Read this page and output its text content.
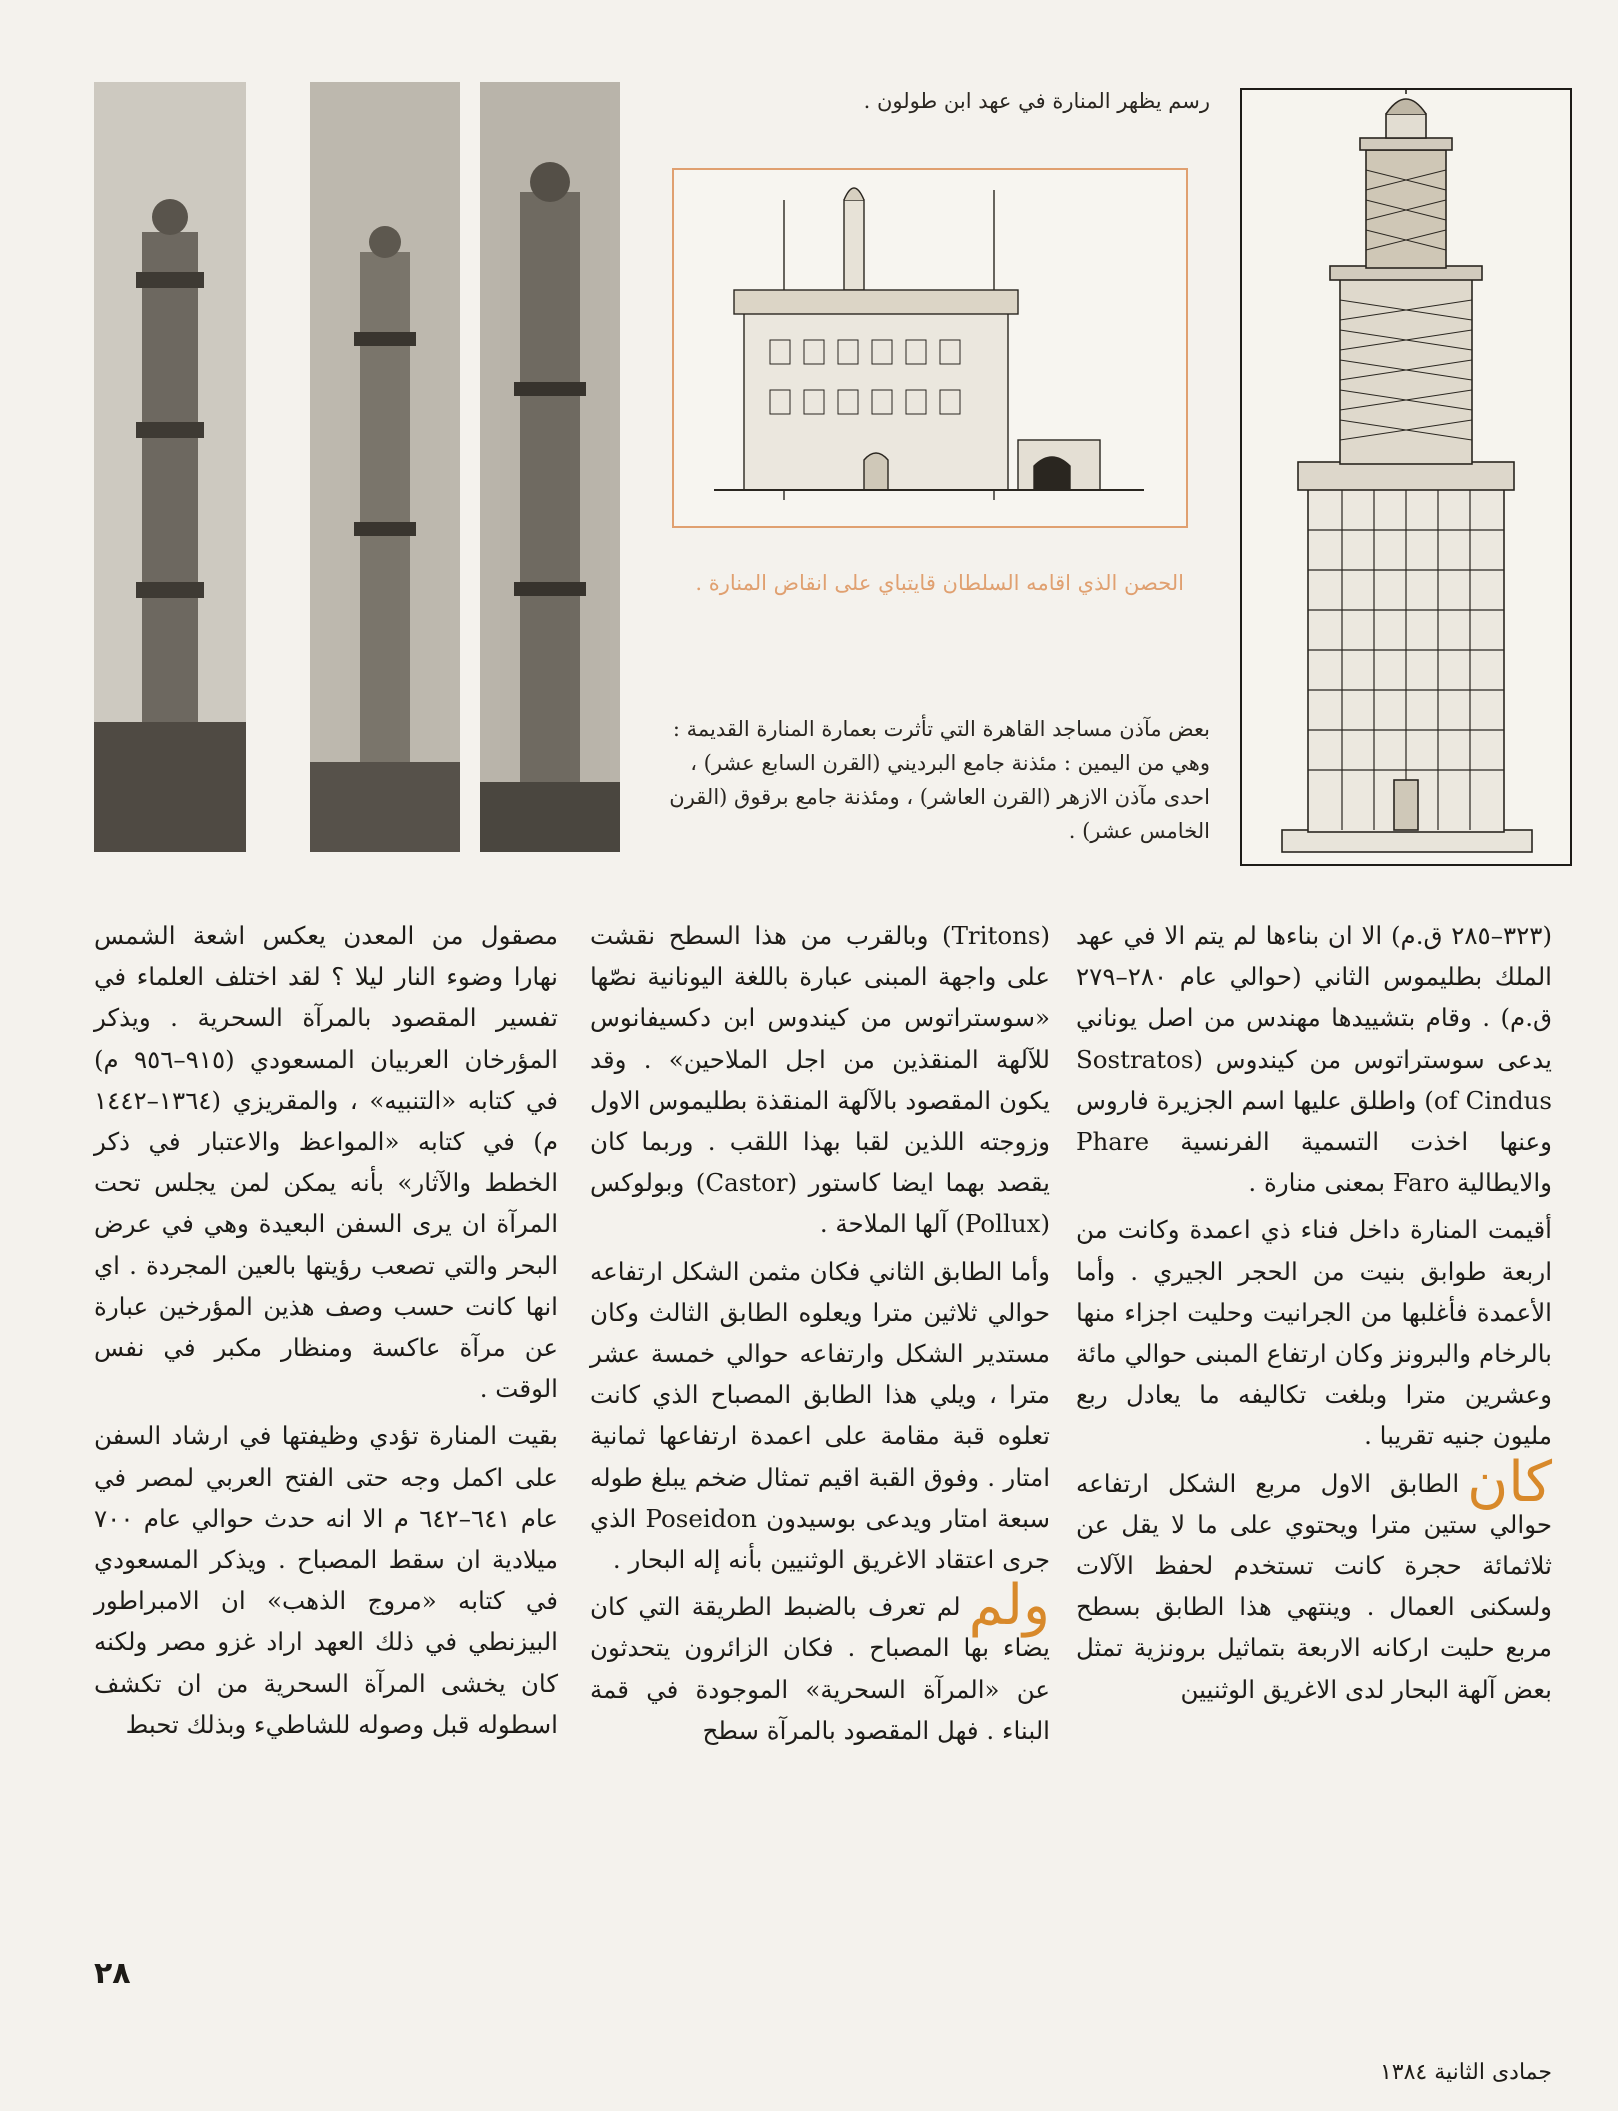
رسم يظهر المنارة في عهد ابن طولون .
الحصن الذي اقامه السلطان قايتباي على انقاض المنارة .
بعض مآذن مساجد القاهرة التي تأثرت بعمارة المنارة القديمة : وهي من اليمين : مئذنة جامع البرديني (القرن السابع عشر) ، احدى مآذن الازهر (القرن العاشر) ، ومئذنة جامع برقوق (القرن الخامس عشر) .

(٣٢٣–٢٨٥ ق.م) الا ان بناءها لم يتم الا في عهد الملك بطليموس الثاني (حوالي عام ٢٨٠–٢٧٩ ق.م) . وقام بتشييدها مهندس من اصل يوناني يدعى سوستراتوس من كيندوس (Sostratos of Cindus) واطلق عليها اسم الجزيرة فاروس وعنها اخذت التسمية الفرنسية Phare والايطالية Faro بمعنى منارة .

أقيمت المنارة داخل فناء ذي اعمدة وكانت من اربعة طوابق بنيت من الحجر الجيري . وأما الأعمدة فأغلبها من الجرانيت وحليت اجزاء منها بالرخام والبرونز وكان ارتفاع المبنى حوالي مائة وعشرين مترا وبلغت تكاليفه ما يعادل ربع مليون جنيه تقريبا .

كان
الطابق الاول مربع الشكل ارتفاعه حوالي ستين مترا ويحتوي على ما لا يقل عن ثلاثمائة حجرة كانت تستخدم لحفظ الآلات ولسكنى العمال . وينتهي هذا الطابق بسطح مربع حليت اركانه الاربعة بتماثيل برونزية تمثل بعض آلهة البحار لدى الاغريق الوثنيين

(Tritons) وبالقرب من هذا السطح نقشت على واجهة المبنى عبارة باللغة اليونانية نصّها «سوستراتوس من كيندوس ابن دكسيفانوس للآلهة المنقذين من اجل الملاحين» . وقد يكون المقصود بالآلهة المنقذة بطليموس الاول وزوجته اللذين لقبا بهذا اللقب . وربما كان يقصد بهما ايضا كاستور (Castor) وبولوكس (Pollux) آلها الملاحة .

وأما الطابق الثاني فكان مثمن الشكل ارتفاعه حوالي ثلاثين مترا ويعلوه الطابق الثالث وكان مستدير الشكل وارتفاعه حوالي خمسة عشر مترا ، ويلي هذا الطابق المصباح الذي كانت تعلوه قبة مقامة على اعمدة ارتفاعها ثمانية امتار . وفوق القبة اقيم تمثال ضخم يبلغ طوله سبعة امتار ويدعى بوسيدون Poseidon الذي جرى اعتقاد الاغريق الوثنيين بأنه إله البحار .

ولم
لم تعرف بالضبط الطريقة التي كان يضاء بها المصباح . فكان الزائرون يتحدثون عن «المرآة السحرية» الموجودة في قمة البناء . فهل المقصود بالمرآة سطح

مصقول من المعدن يعكس اشعة الشمس نهارا وضوء النار ليلا ؟ لقد اختلف العلماء في تفسير المقصود بالمرآة السحرية . ويذكر المؤرخان العربيان المسعودي (٩١٥–٩٥٦ م) في كتابه «التنبيه» ، والمقريزي (١٣٦٤–١٤٤٢ م) في كتابه «المواعظ والاعتبار في ذكر الخطط والآثار» بأنه يمكن لمن يجلس تحت المرآة ان يرى السفن البعيدة وهي في عرض البحر والتي تصعب رؤيتها بالعين المجردة . اي انها كانت حسب وصف هذين المؤرخين عبارة عن مرآة عاكسة ومنظار مكبر في نفس الوقت .

بقيت المنارة تؤدي وظيفتها في ارشاد السفن على اكمل وجه حتى الفتح العربي لمصر في عام ٦٤١–٦٤٢ م الا انه حدث حوالي عام ٧٠٠ ميلادية ان سقط المصباح . ويذكر المسعودي في كتابه «مروج الذهب» ان الامبراطور البيزنطي في ذلك العهد اراد غزو مصر ولكنه كان يخشى المرآة السحرية من ان تكشف اسطوله قبل وصوله للشاطيء وبذلك تحبط

٢٨
جمادى الثانية ١٣٨٤
